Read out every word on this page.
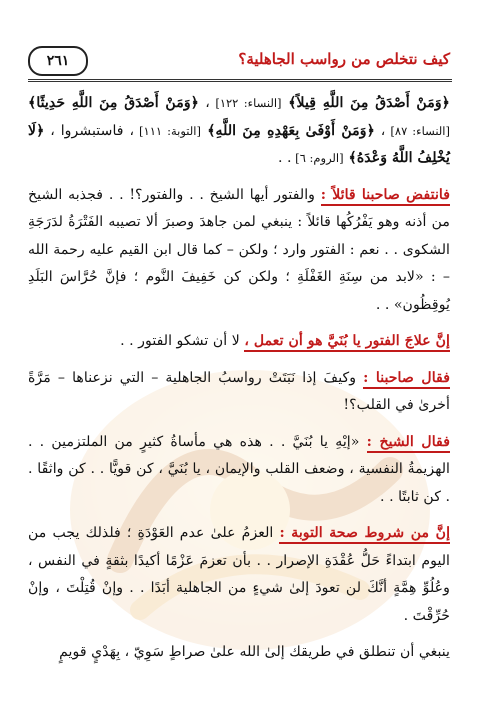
٢٦١	كيف نتخلص من رواسب الجاهلية؟

﴿وَمَنْ أَصْدَقُ مِنَ اللَّهِ قِيلاً﴾ [النساء: ١٢٢] ، ﴿وَمَنْ أَصْدَقُ مِنَ اللَّهِ حَدِيثًا﴾ [النساء: ٨٧] ، ﴿وَمَنْ أَوْفَىٰ بِعَهْدِهِ مِنَ اللَّهِ﴾ [التوبة: ١١١] ، فاستبشروا ، ﴿لَا يُخْلِفُ اللَّهُ وَعْدَهُ﴾ [الروم: ٦] . .

فانتفض صاحبنا قائلاً : والفتور أيها الشيخ . . والفتور؟! . . فجذبه الشيخ من أذنه وهو يَفْرُكُها قائلاً : ينبغي لمن جاهدَ وصبرَ ألا تصيبه الفَتْرَةُ لدَرَجَةِ الشكوى . . نعم : الفتور وارد ؛ ولكن – كما قال ابن القيم عليه رحمة الله – : «لابد من سِنَةِ الغَفْلَةِ ؛ ولكن كن خَفِيفَ النَّوم ؛ فإنَّ حُرَّاسَ البَلَدِ يُوقِظُون» . .

إنَّ علاجَ الفتور يا بُنَيَّ هو أن تعمل ، لا أن تشكو الفتور . .

فقال صاحبنا : وكيفَ إذا نَبَتَتْ رواسبُ الجاهلية – التي نزعناها – مَرَّةً أخرىٰ في القلب؟!

فقال الشيخ : «إيْهِ يا بُنَيَّ . . هذه هي مأساةُ كثيرٍ من الملتزمين . . الهزيمةُ النفسية ، وضعف القلب والإيمان ، يا بُنَيَّ ، كن قويًّا . . كن واثقًا . . كن ثابتًا . .

إنَّ من شروط صحة التوبة : العزمُ علىٰ عدم العَوْدَةِ ؛ فلذلك يجب من اليوم ابتداءً حَلُّ عُقْدَةِ الإصرار . . بأن تعزمَ عَزْمًا أكيدًا بثقةٍ في النفس ، وعُلُوِّ هِمَّةٍ أنَّكَ لن تعودَ إلىٰ شيءٍ من الجاهلية أبَدًا . . وإنْ قُتِلْتَ ، وإنْ حُرِّقْتَ .

ينبغي أن تنطلق في طريقك إلىٰ الله علىٰ صراطٍ سَوِيّ ، بِهَدْيٍ قويمٍ
